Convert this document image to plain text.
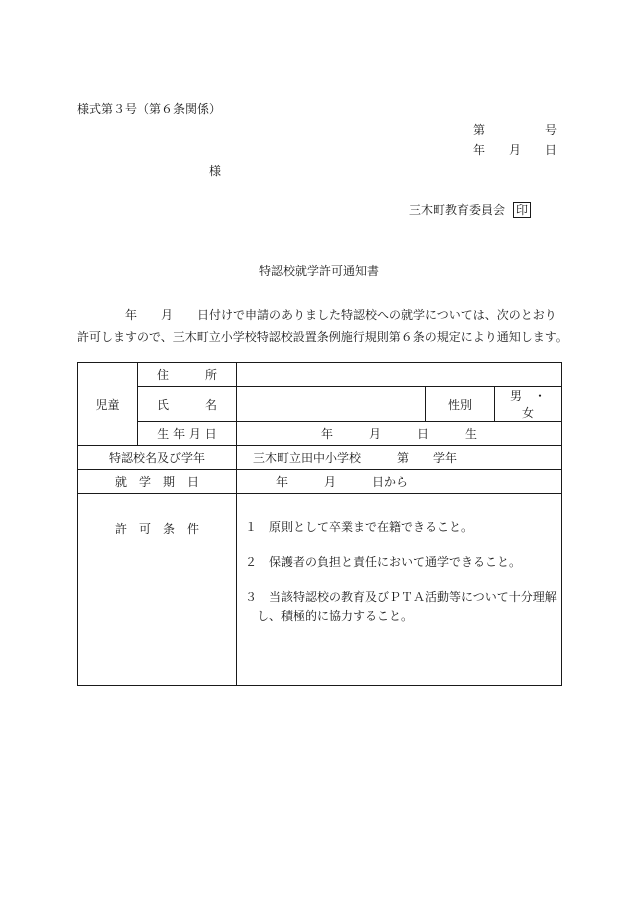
様式第３号（第６条関係）
第　　　　　号
年　　月　　日
様
三木町教育委員会 印
特認校就学許可通知書
　　　　年　　月　　日付けで申請のありました特認校への就学については、次のとおり
許可しますので、三木町立小学校特認校設置条例施行規則第６条の規定により通知します。
児童	住　　　所			
	氏　　　名		性別	男　・　女
	生 年 月 日	年　　　月　　　日　　　生		
特認校名及び学年		三木町立田中小学校　　　第　　学年		
就　学　期　日		年　　　月　　　日から		
許　可　条　件		１　原則として卒業まで在籍できること。

２　保護者の負担と責任において通学できること。

３　当該特認校の教育及びＰＴＡ活動等について十分理解

し、積極的に協力すること。		
